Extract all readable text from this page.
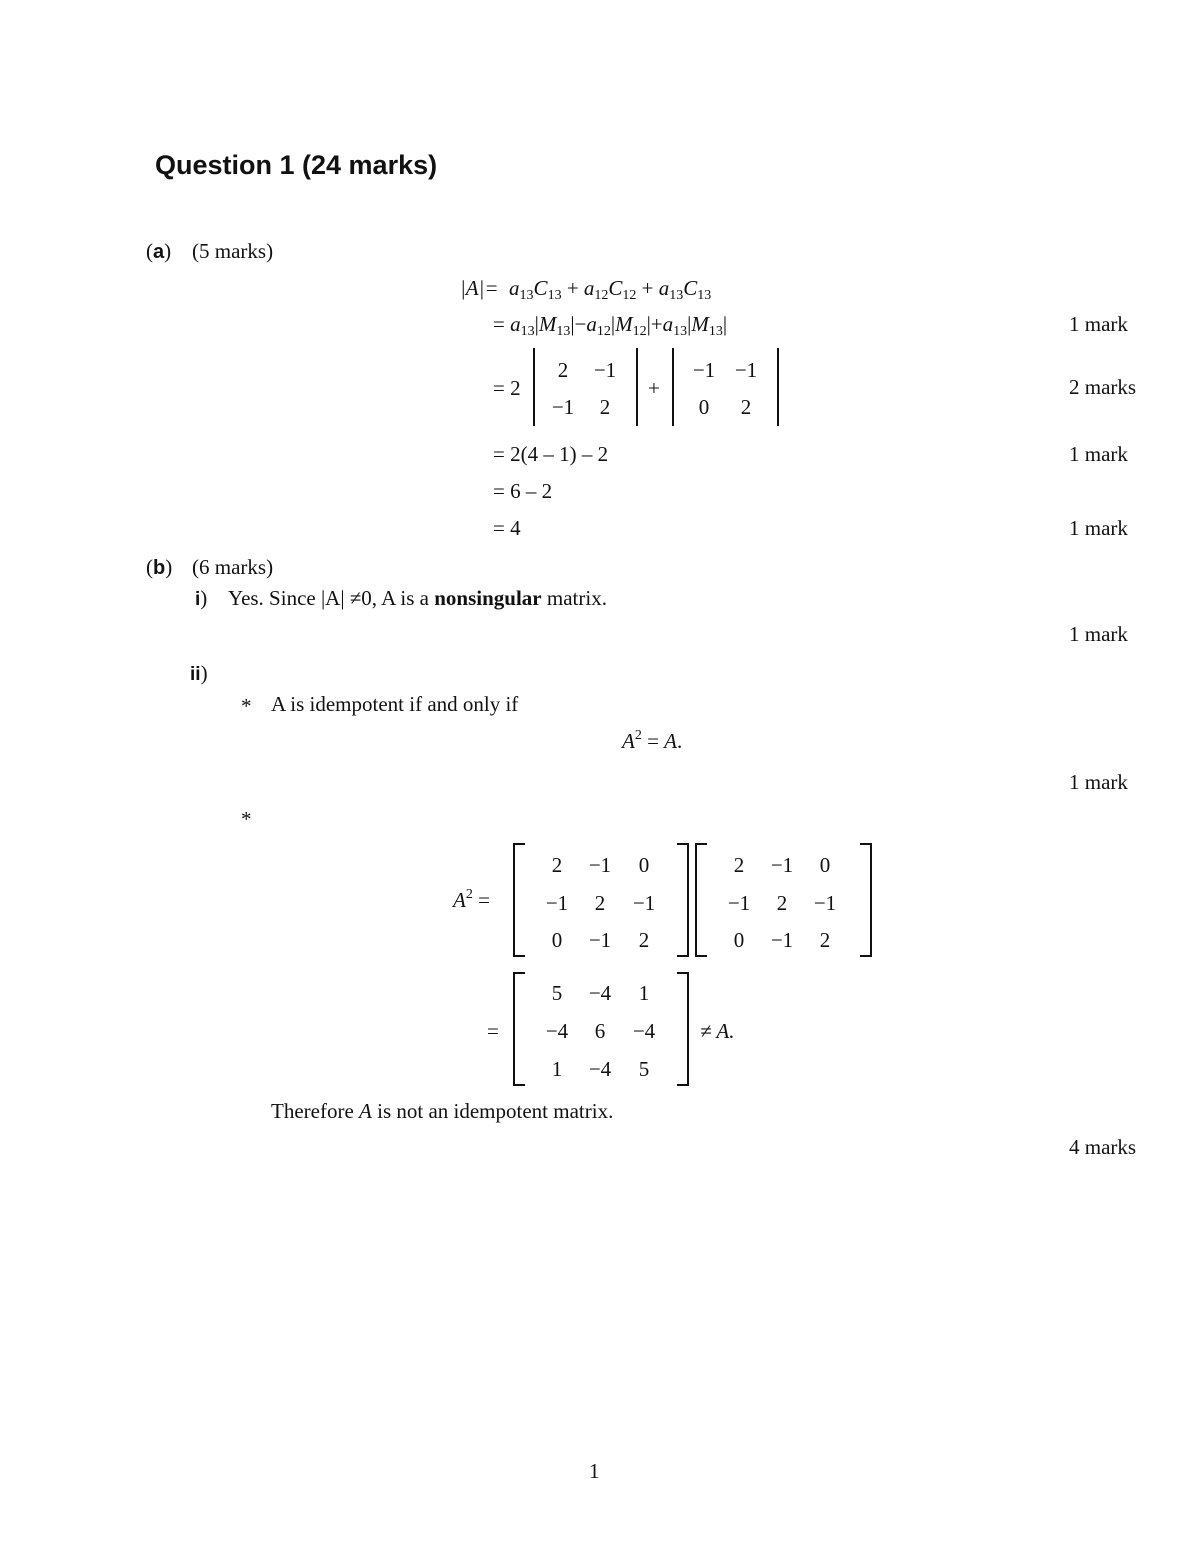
Question 1 (24 marks)
(a) (5 marks)
$|A|= a_{13}C_{13} + a_{12}C_{12} + a_{13}C_{13}$
= $a_{13}|M_{13}|-a_{12}|M_{12}|+a_{13}|M_{13}|$	1 mark
= 2
2	−1
−1	2
+
−1 −1
0	2
2 marks
= 2(4 – 1) – 2	1 mark
= 6 – 2
= 4	1 mark
(b) (6 marks)
i) Yes. Since |A| ≠0, A is a nonsingular matrix.
1 mark
ii)
* A is idempotent if and only if
$A^2 = A$.
1 mark
*
$A^2$ =
2	−1	0
−1	2	−1
0	−1	2
2	−1	0
−1	2	−1
0	−1	2
=
5	−4	1
−4	6	−4
1	−4	5
≠ A.
Therefore A is not an idempotent matrix.
4 marks
1
